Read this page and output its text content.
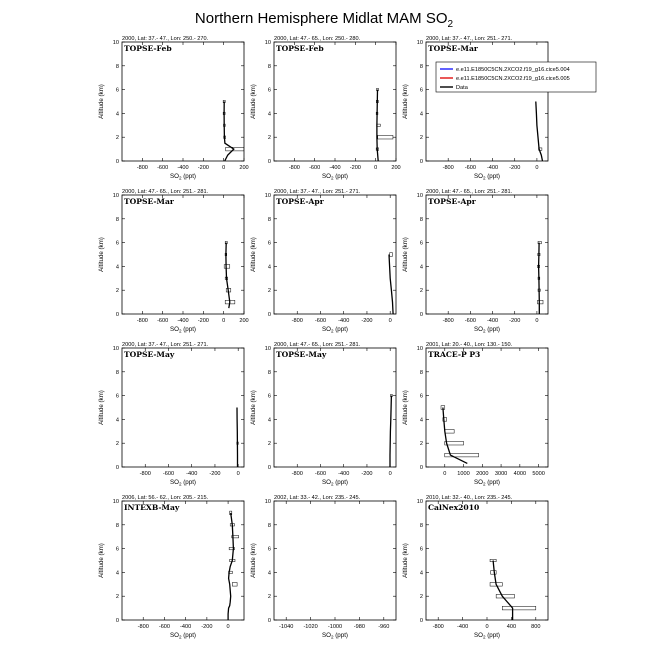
Northern Hemisphere Midlat MAM $SO_2$
2000, Lat: 37.- 47., Lon: 250.- 270.
-800 -600 -400 -200 0	200
0
2
4
6
8
10
$SO_2$ (ppt)
Altitude (km)
TOPSE-Feb
2000, Lat: 47.- 65., Lon: 250.- 280.
-800 -600 -400 -200 0	200
0
2
4
6
8
10
$SO_2$ (ppt)
Altitude (km)
TOPSE-Feb
2000, Lat: 37.- 47., Lon: 251.- 271.
-800 -600 -400 -200	0
0
2
4
6
8
10
$SO_2$ (ppt)
Altitude (km)
TOPSE-Mar
2000, Lat: 47.- 65., Lon: 251.- 281.
-800 -600 -400 -200 0	200
0
2
4
6
8
10
$SO_2$ (ppt)
Altitude (km)
TOPSE-Mar
2000, Lat: 37.- 47., Lon: 251.- 271.
-800 -600 -400 -200	0
0
2
4
6
8
10
$SO_2$ (ppt)
Altitude (km)
TOPSE-Apr
2000, Lat: 47.- 65., Lon: 251.- 281.
-800 -600 -400 -200	0
0
2
4
6
8
10
$SO_2$ (ppt)
Altitude (km)
TOPSE-Apr
2000, Lat: 37.- 47., Lon: 251.- 271.
-800 -600 -400 -200	0
0
2
4
6
8
10
$SO_2$ (ppt)
Altitude (km)
TOPSE-May
2000, Lat: 47.- 65., Lon: 251.- 281.
-800 -600 -400 -200	0
0
2
4
6
8
10
$SO_2$ (ppt)
Altitude (km)
TOPSE-May
2001, Lat: 20.- 40., Lon: 130.- 150.
0 1000 2000 3000 4000 5000
0
2
4
6
8
10
$SO_2$ (ppt)
Altitude (km)
TRACE-P P3
2006, Lat: 56.- 62., Lon: 205.- 215.
-800 -600 -400 -200	0
0
2
4
6
8
10
$SO_2$ (ppt)
Altitude (km)
INTEXB-May
2002, Lat: 33.- 42., Lon: 235.- 245.
-1040 -1020 -1000 -980 -960
0
2
4
6
8
10
$SO_2$ (ppt)
Altitude (km)
2010, Lat: 32.- 40., Lon: 235.- 245.
-800 -400	0	400	800
0
2
4
6
8
10
$SO_2$ (ppt)
Altitude (km)
CalNex2010
e.e11.E1850C5CN.2XCO2.f19_g16.cice5.004
e.e11.E1850C5CN.2XCO2.f19_g16.cice5.005
Data
